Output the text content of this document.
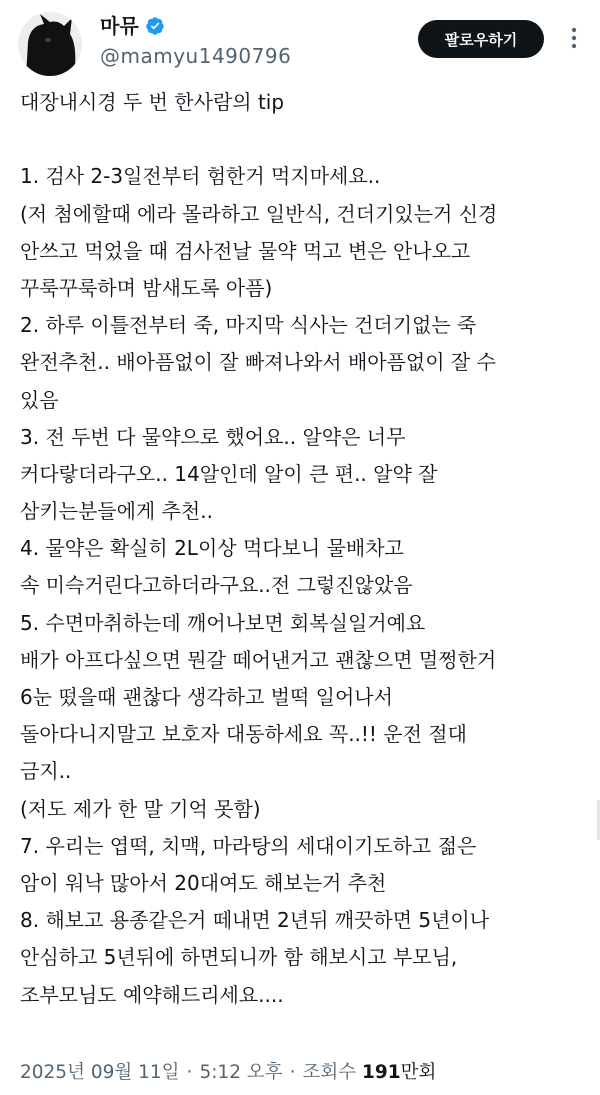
마뮤
@mamyu1490796
팔로우하기
대장내시경 두 번 한사람의 tip
1. 검사 2-3일전부터 험한거 먹지마세요..
(저 첨에할때 에라 몰라하고 일반식, 건더기있는거 신경
안쓰고 먹었을 때 검사전날 물약 먹고 변은 안나오고
꾸룩꾸룩하며 밤새도록 아픔)
2. 하루 이틀전부터 죽, 마지막 식사는 건더기없는 죽
완전추천.. 배아픔없이 잘 빠져나와서 배아픔없이 잘 수
있음
3. 전 두번 다 물약으로 했어요.. 알약은 너무
커다랗더라구오.. 14알인데 알이 큰 편.. 알약 잘
삼키는분들에게 추천..
4. 물약은 확실히 2L이상 먹다보니 물배차고
속 미슥거린다고하더라구요..전 그렇진않았음
5. 수면마취하는데 깨어나보면 회복실일거예요
배가 아프다싶으면 뭔갈 떼어낸거고 괜찮으면 멀쩡한거
6눈 떴을때 괜찮다 생각하고 벌떡 일어나서
돌아다니지말고 보호자 대동하세요 꼭..!! 운전 절대
금지..
(저도 제가 한 말 기억 못함)
7. 우리는 엽떡, 치맥, 마라탕의 세대이기도하고 젊은
암이 워낙 많아서 20대여도 해보는거 추천
8. 해보고 용종같은거 떼내면 2년뒤 깨끗하면 5년이나
안심하고 5년뒤에 하면되니까 함 해보시고 부모님,
조부모님도 예약해드리세요....
2025년 09월 11일 · 5:12 오후 · 조회수 191만회
